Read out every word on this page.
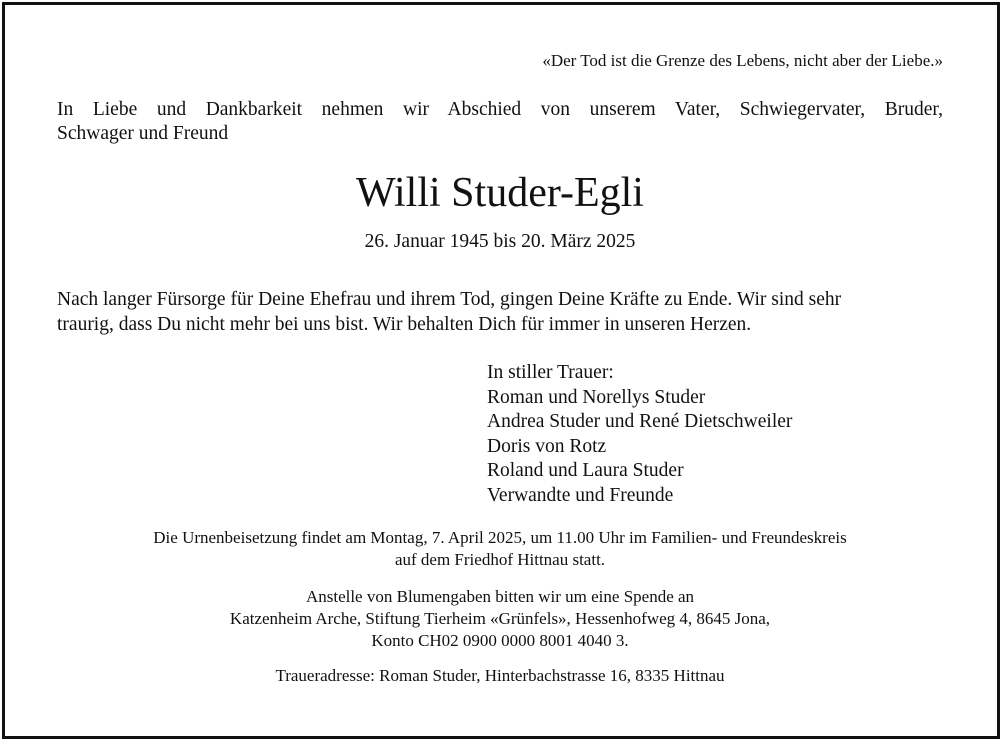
«Der Tod ist die Grenze des Lebens, nicht aber der Liebe.»
In Liebe und Dankbarkeit nehmen wir Abschied von unserem Vater, Schwiegervater, Bruder,
Schwager und Freund
Willi Studer-Egli
26. Januar 1945 bis 20. März 2025
Nach langer Fürsorge für Deine Ehefrau und ihrem Tod, gingen Deine Kräfte zu Ende. Wir sind sehr
traurig, dass Du nicht mehr bei uns bist. Wir behalten Dich für immer in unseren Herzen.
In stiller Trauer:
Roman und Norellys Studer
Andrea Studer und René Dietschweiler
Doris von Rotz
Roland und Laura Studer
Verwandte und Freunde
Die Urnenbeisetzung findet am Montag, 7. April 2025, um 11.00 Uhr im Familien- und Freundeskreis
auf dem Friedhof Hittnau statt.
Anstelle von Blumengaben bitten wir um eine Spende an
Katzenheim Arche, Stiftung Tierheim «Grünfels», Hessenhofweg 4, 8645 Jona,
Konto CH02 0900 0000 8001 4040 3.
Traueradresse: Roman Studer, Hinterbachstrasse 16, 8335 Hittnau
